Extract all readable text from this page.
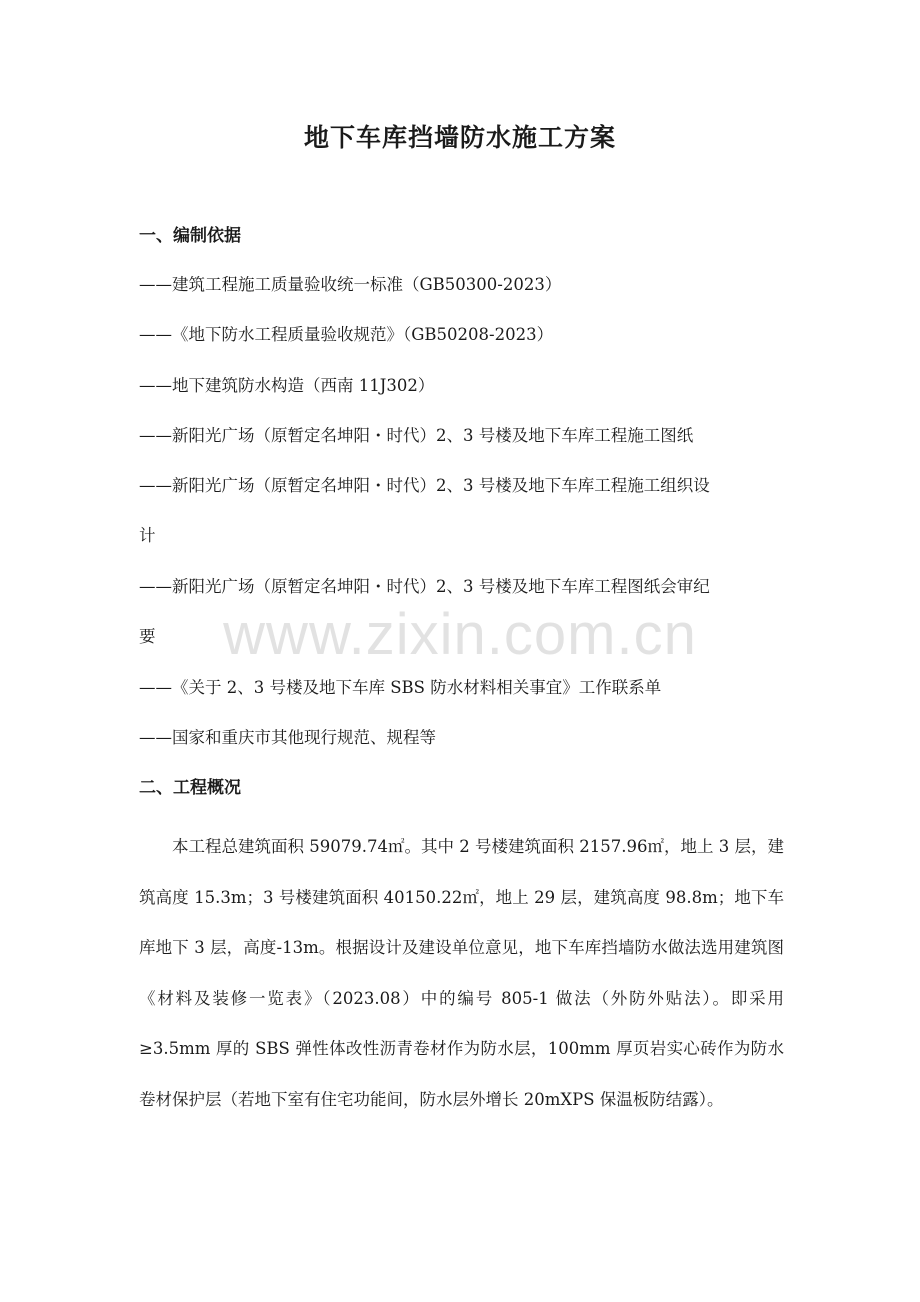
地下车库挡墙防水施工方案
一、编制依据
——建筑工程施工质量验收统一标准（GB50300-2023）
——《地下防水工程质量验收规范》（GB50208-2023）
——地下建筑防水构造（西南 11J302）
——新阳光广场（原暂定名坤阳・时代）2、3 号楼及地下车库工程施工图纸
——新阳光广场（原暂定名坤阳・时代）2、3 号楼及地下车库工程施工组织设
计
——新阳光广场（原暂定名坤阳・时代）2、3 号楼及地下车库工程图纸会审纪
要
——《关于 2、3 号楼及地下车库 SBS 防水材料相关事宜》工作联系单
——国家和重庆市其他现行规范、规程等
二、工程概况
本工程总建筑面积 59079.74㎡。其中 2 号楼建筑面积 2157.96㎡，地上 3 层，建筑高度 15.3m；3 号楼建筑面积 40150.22㎡，地上 29 层，建筑高度 98.8m；地下车库地下 3 层，高度-13m。根据设计及建设单位意见，地下车库挡墙防水做法选用建筑图《材料及装修一览表》（2023.08）中的编号 805-1 做法（外防外贴法）。即采用≥3.5mm 厚的 SBS 弹性体改性沥青卷材作为防水层，100mm 厚页岩实心砖作为防水卷材保护层（若地下室有住宅功能间，防水层外增长 20mXPS 保温板防结露）。
www.zixin.com.cn
